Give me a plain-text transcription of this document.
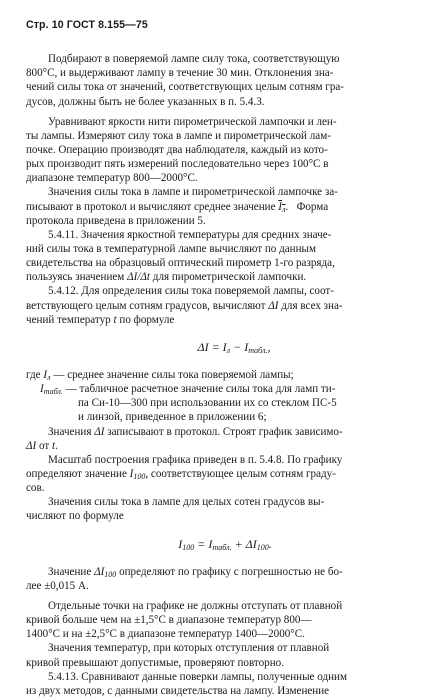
Стр. 10 ГОСТ 8.155—75
Подбирают в поверяемой лампе силу тока, соответствующую
800°С, и выдерживают лампу в течение 30 мин. Отклонения зна-
чений силы тока от значений, соответствующих целым сотням гра-
дусов, должны быть не более указанных в п. 5.4.3.
Уравнивают яркости нити пирометрической лампочки и лен-
ты лампы. Измеряют силу тока в лампе и пирометрической лам-
почке. Операцию производят два наблюдателя, каждый из кото-
рых производит пять измерений последовательно через 100°С в
диапазоне температур 800—2000°С.
Значения силы тока в лампе и пирометрической лампочке за-
писывают в протокол и вычисляют среднее значение $I_л$.   Форма
протокола приведена в приложении 5.
5.4.11. Значения яркостной температуры для средних значе-
ний силы тока в температурной лампе вычисляют по данным
свидетельства на образцовый оптический пирометр 1-го разряда,
пользуясь значением ΔI/Δt для пирометрической лампочки.
5.4.12. Для определения силы тока поверяемой лампы, соот-
ветствующего целым сотням градусов, вычисляют ΔI для всех зна-
чений температур t по формуле
$\Delta I = I_л - I_{табл.}$,
где $I_л$ — среднее значение силы тока поверяемой лампы;
$I_{табл.}$ — табличное расчетное значение силы тока для ламп ти-
па Си-10—300 при использовании их со стеклом ПС-5
и линзой, приведенное в приложении 6;
Значения ΔI записывают в протокол. Строят график зависимо-
ΔI от t.
Масштаб построения графика приведен в п. 5.4.8. По графику
определяют значение $I_{100}$, соответствующее целым сотням граду-
сов.
Значения силы тока в лампе для целых сотен градусов вы-
числяют по формуле
$I_{100} = I_{табл.} + \Delta I_{100}$.
Значение $\Delta I_{100}$ определяют по графику с погрешностью не бо-
лее ±0,015 А.
Отдельные точки на графике не должны отступать от плавной
кривой больше чем на ±1,5°С в диапазоне температур 800—
1400°С и на ±2,5°С в диапазоне температур 1400—2000°С.
Значения температур, при которых отступления от плавной
кривой превышают допустимые, проверяют повторно.
5.4.13. Сравнивают данные поверки лампы, полученные одним
из двух методов, с данными свидетельства на лампу. Изменение
